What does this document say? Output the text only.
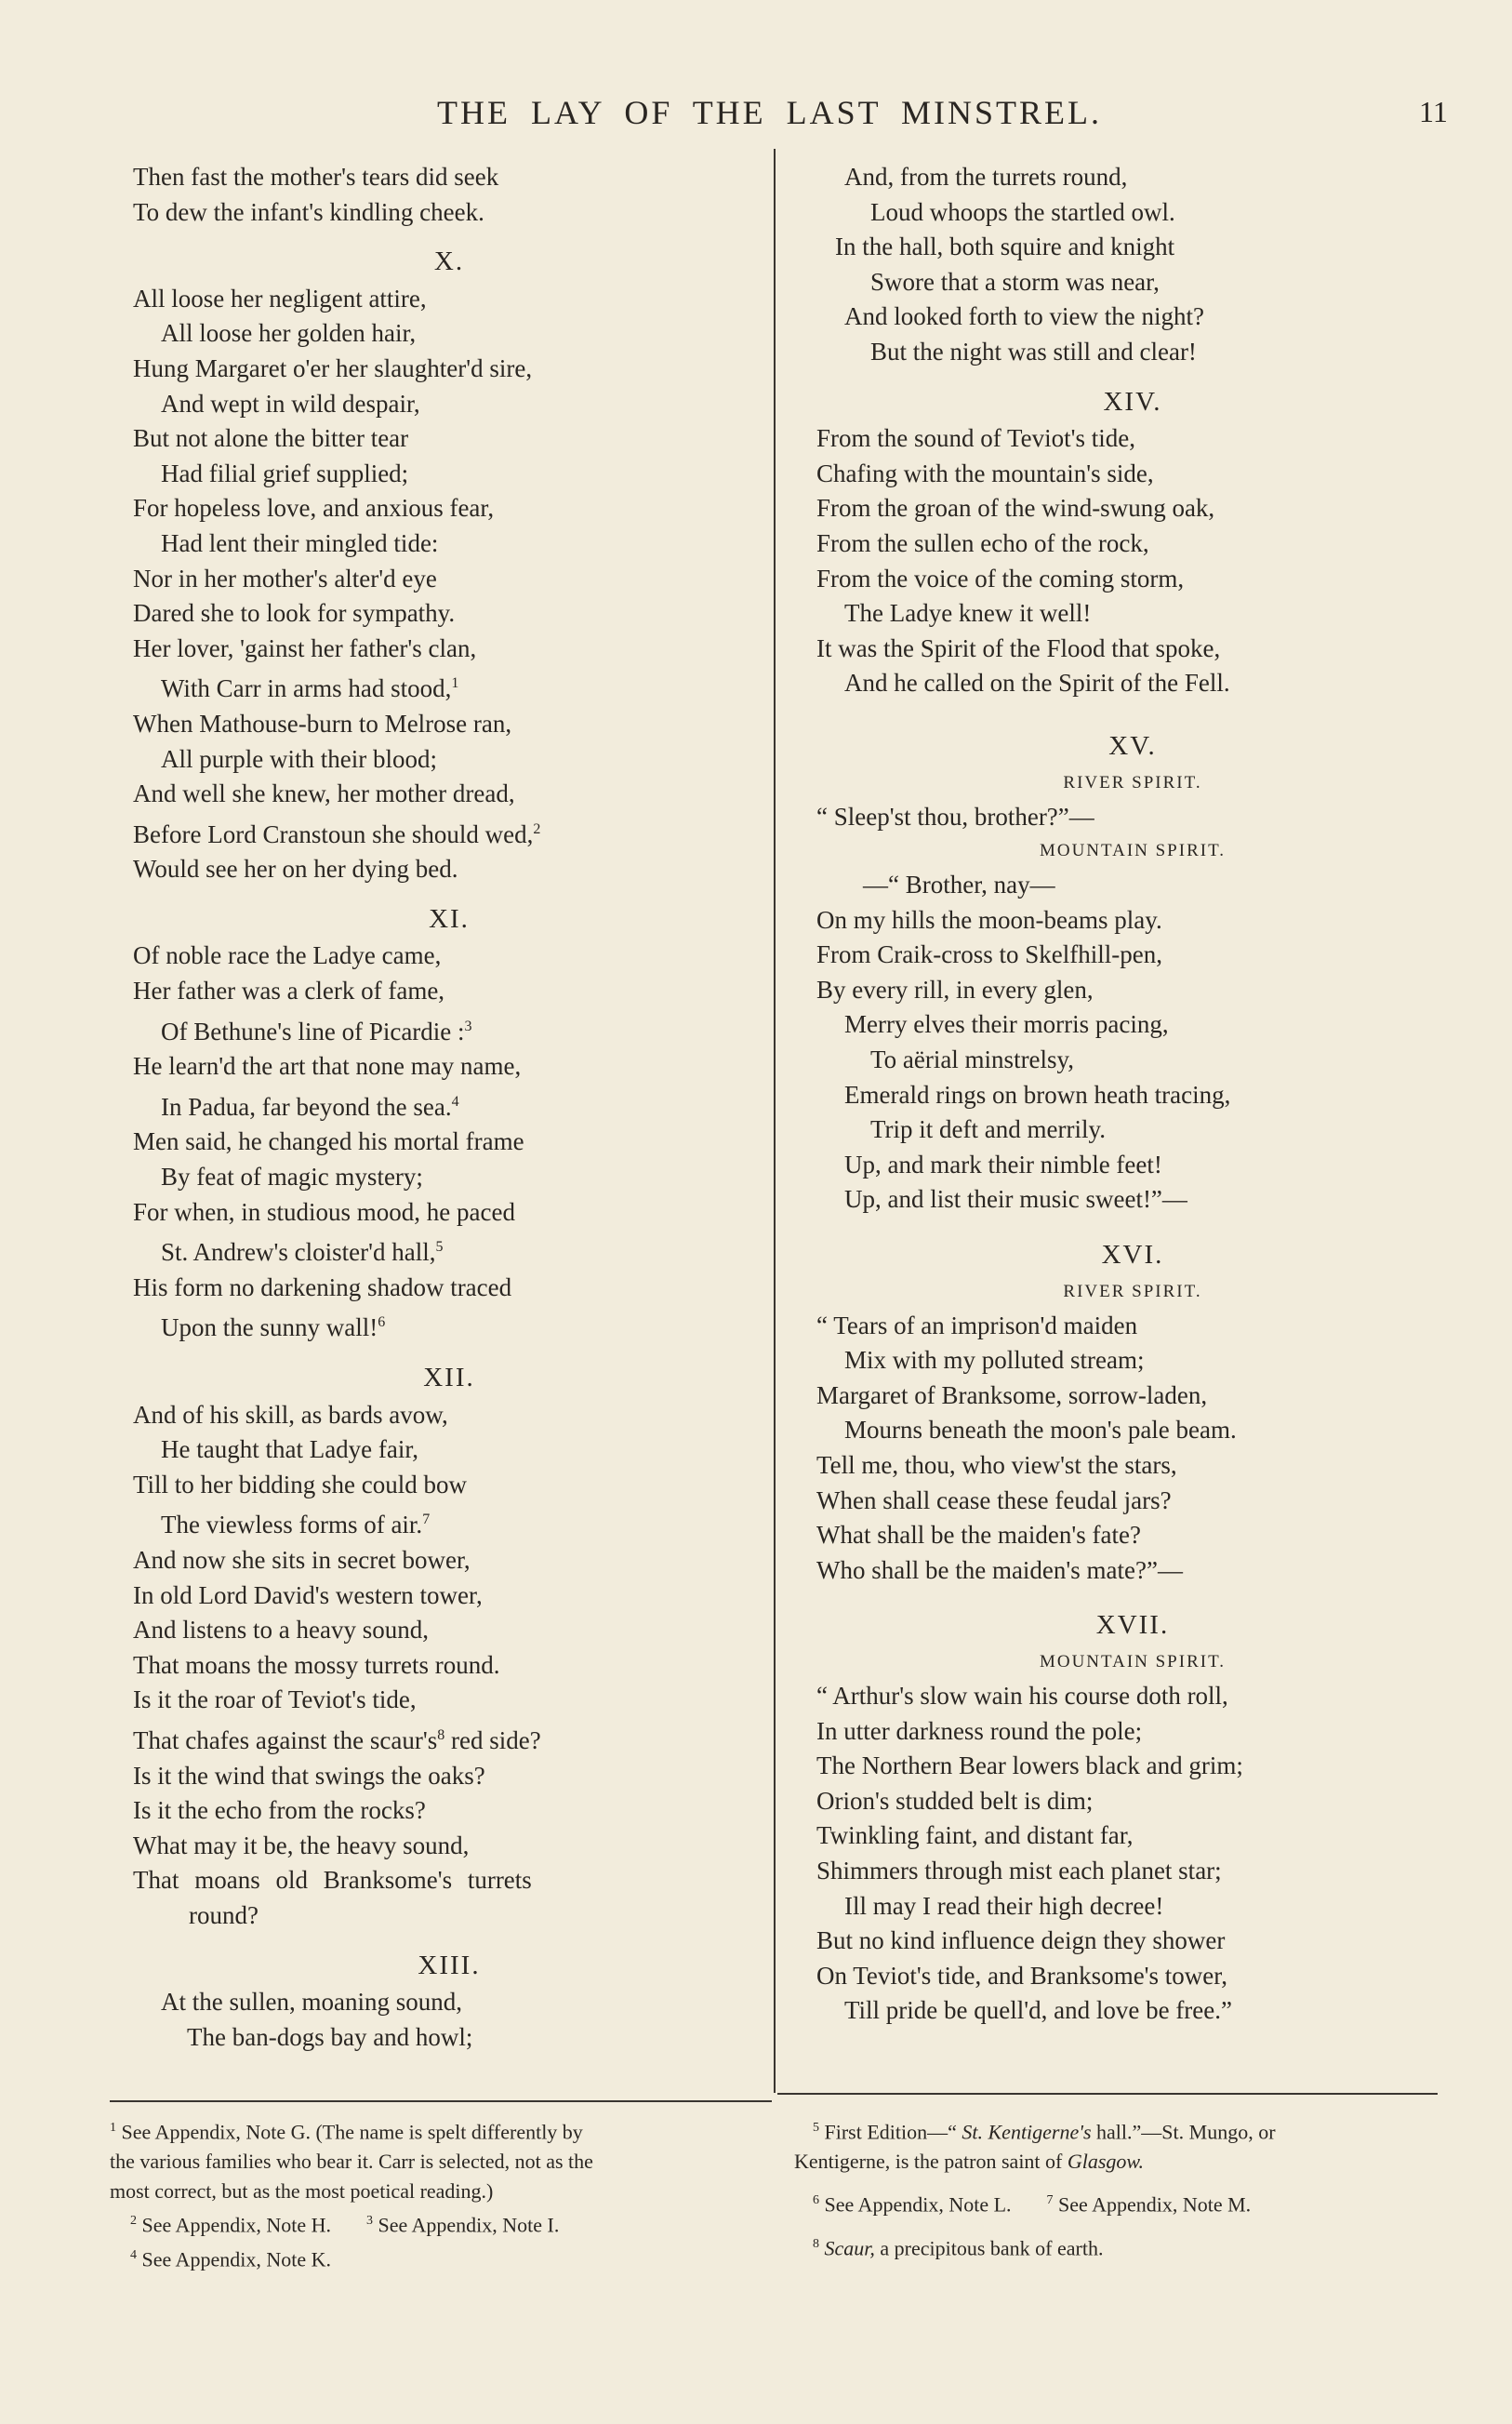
THE LAY OF THE LAST MINSTREL.	11
Then fast the mother's tears did seek
To dew the infant's kindling cheek.
X.
All loose her negligent attire,
All loose her golden hair,
Hung Margaret o'er her slaughter'd sire,
And wept in wild despair,
But not alone the bitter tear
Had filial grief supplied;
For hopeless love, and anxious fear,
Had lent their mingled tide:
Nor in her mother's alter'd eye
Dared she to look for sympathy.
Her lover, 'gainst her father's clan,
With Carr in arms had stood,$^1$
When Mathouse-burn to Melrose ran,
All purple with their blood;
And well she knew, her mother dread,
Before Lord Cranstoun she should wed,$^2$
Would see her on her dying bed.
XI.
Of noble race the Ladye came,
Her father was a clerk of fame,
Of Bethune's line of Picardie :$^3$
He learn'd the art that none may name,
In Padua, far beyond the sea.$^4$
Men said, he changed his mortal frame
By feat of magic mystery;
For when, in studious mood, he paced
St. Andrew's cloister'd hall,$^5$
His form no darkening shadow traced
Upon the sunny wall!$^6$
XII.
And of his skill, as bards avow,
He taught that Ladye fair,
Till to her bidding she could bow
The viewless forms of air.$^7$
And now she sits in secret bower,
In old Lord David's western tower,
And listens to a heavy sound,
That moans the mossy turrets round.
Is it the roar of Teviot's tide,
That chafes against the $scaur's^8$ red side?
Is it the wind that swings the oaks?
Is it the echo from the rocks?
What may it be, the heavy sound,
That moans old Branksome's turrets
round?
XIII.
At the sullen, moaning sound,
The ban-dogs bay and howl;
And, from the turrets round,
Loud whoops the startled owl.
In the hall, both squire and knight
Swore that a storm was near,
And looked forth to view the night?
But the night was still and clear!
XIV.
From the sound of Teviot's tide,
Chafing with the mountain's side,
From the groan of the wind-swung oak,
From the sullen echo of the rock,
From the voice of the coming storm,
The Ladye knew it well!
It was the Spirit of the Flood that spoke,
And he called on the Spirit of the Fell.
XV.
RIVER SPIRIT.
“ Sleep'st thou, brother?”—
MOUNTAIN SPIRIT.
—“ Brother, nay—
On my hills the moon-beams play.
From Craik-cross to Skelfhill-pen,
By every rill, in every glen,
Merry elves their morris pacing,
To aërial minstrelsy,
Emerald rings on brown heath tracing,
Trip it deft and merrily.
Up, and mark their nimble feet!
Up, and list their music sweet!”—
XVI.
RIVER SPIRIT.
“ Tears of an imprison'd maiden
Mix with my polluted stream;
Margaret of Branksome, sorrow-laden,
Mourns beneath the moon's pale beam.
Tell me, thou, who view'st the stars,
When shall cease these feudal jars?
What shall be the maiden's fate?
Who shall be the maiden's mate?”—
XVII.
MOUNTAIN SPIRIT.
“ Arthur's slow wain his course doth roll,
In utter darkness round the pole;
The Northern Bear lowers black and grim;
Orion's studded belt is dim;
Twinkling faint, and distant far,
Shimmers through mist each planet star;
Ill may I read their high decree!
But no kind influence deign they shower
On Teviot's tide, and Branksome's tower,
Till pride be quell'd, and love be free.”
$^1$ See Appendix, Note G. (The name is spelt differently by
the various families who bear it. Carr is selected, not as the
most correct, but as the most poetical reading.)
$^2$ See Appendix, Note H.	$^3$ See Appendix, Note I.
$^4$ See Appendix, Note K.
$^5$ First Edition—“ St. Kentigerne's hall.”—St. Mungo, or
Kentigerne, is the patron saint of Glasgow.
$^6$ See Appendix, Note L.	$^7$ See Appendix, Note M.
$^8$ Scaur, a precipitous bank of earth.
